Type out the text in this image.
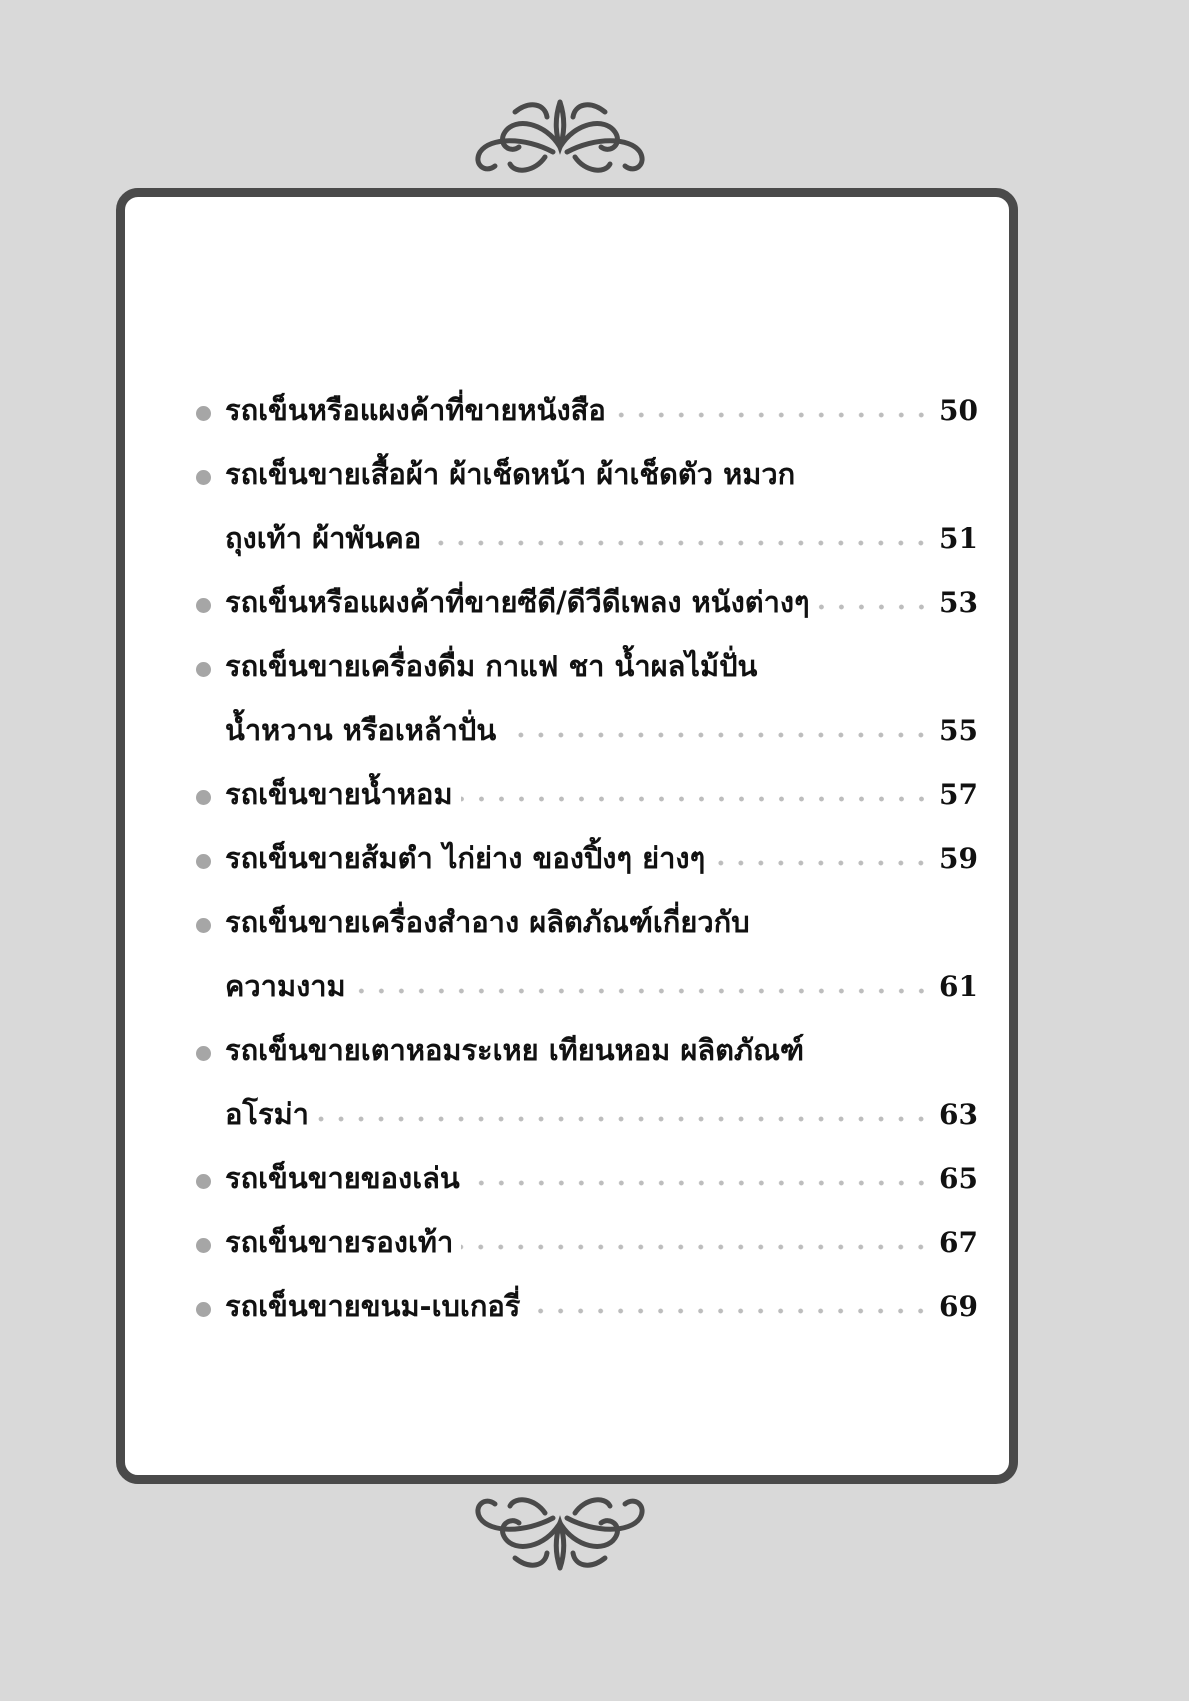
รถเข็นหรือแผงค้าที่ขายหนังสือ	50
รถเข็นขายเสื้อผ้า ผ้าเช็ดหน้า ผ้าเช็ดตัว หมวก
ถุงเท้า ผ้าพันคอ	51
รถเข็นหรือแผงค้าที่ขายซีดี/ดีวีดีเพลง หนังต่างๆ	53
รถเข็นขายเครื่องดื่ม กาแฟ ชา น้ำผลไม้ปั่น
น้ำหวาน หรือเหล้าปั่น	55
รถเข็นขายน้ำหอม	57
รถเข็นขายส้มตำ ไก่ย่าง ของปิ้งๆ ย่างๆ	59
รถเข็นขายเครื่องสำอาง ผลิตภัณฑ์เกี่ยวกับ
ความงาม	61
รถเข็นขายเตาหอมระเหย เทียนหอม ผลิตภัณฑ์
อโรม่า	63
รถเข็นขายของเล่น	65
รถเข็นขายรองเท้า	67
รถเข็นขายขนม-เบเกอรี่	69
